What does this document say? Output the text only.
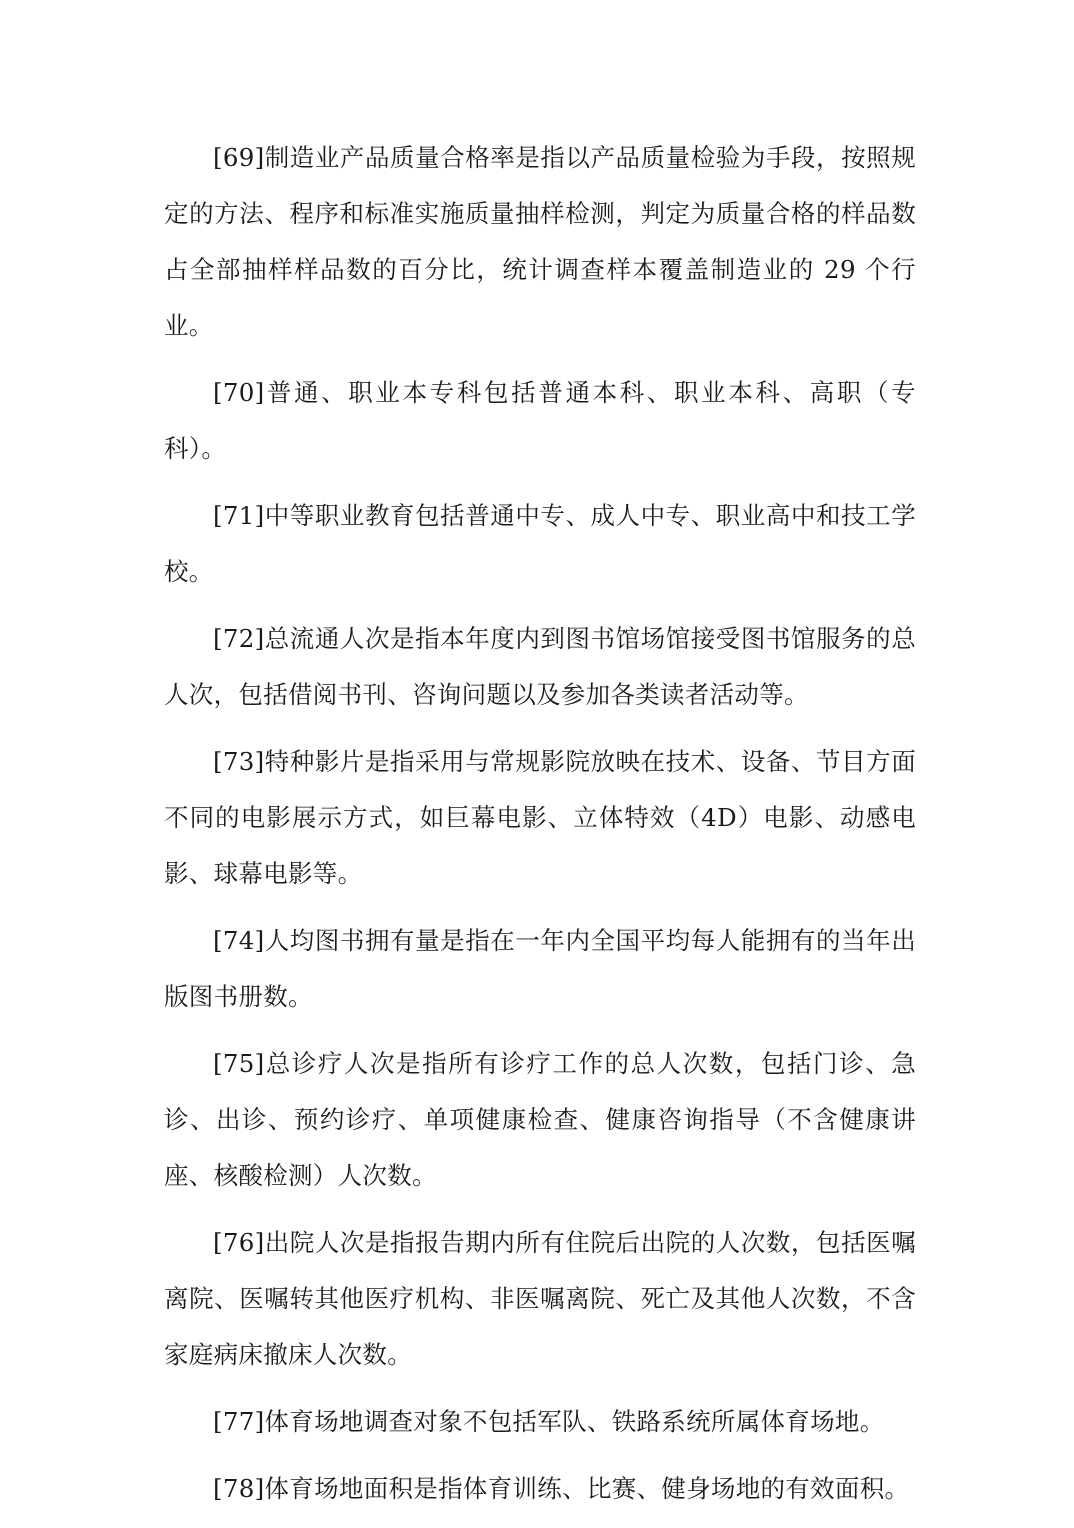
[69]制造业产品质量合格率是指以产品质量检验为手段，按照规定的方法、程序和标准实施质量抽样检测，判定为质量合格的样品数占全部抽样样品数的百分比，统计调查样本覆盖制造业的 29 个行业。

[70]普通、职业本专科包括普通本科、职业本科、高职（专科）。

[71]中等职业教育包括普通中专、成人中专、职业高中和技工学校。

[72]总流通人次是指本年度内到图书馆场馆接受图书馆服务的总人次，包括借阅书刊、咨询问题以及参加各类读者活动等。

[73]特种影片是指采用与常规影院放映在技术、设备、节目方面不同的电影展示方式，如巨幕电影、立体特效（4D）电影、动感电影、球幕电影等。

[74]人均图书拥有量是指在一年内全国平均每人能拥有的当年出版图书册数。

[75]总诊疗人次是指所有诊疗工作的总人次数，包括门诊、急诊、出诊、预约诊疗、单项健康检查、健康咨询指导（不含健康讲座、核酸检测）人次数。

[76]出院人次是指报告期内所有住院后出院的人次数，包括医嘱离院、医嘱转其他医疗机构、非医嘱离院、死亡及其他人次数，不含家庭病床撤床人次数。

[77]体育场地调查对象不包括军队、铁路系统所属体育场地。

[78]体育场地面积是指体育训练、比赛、健身场地的有效面积。
